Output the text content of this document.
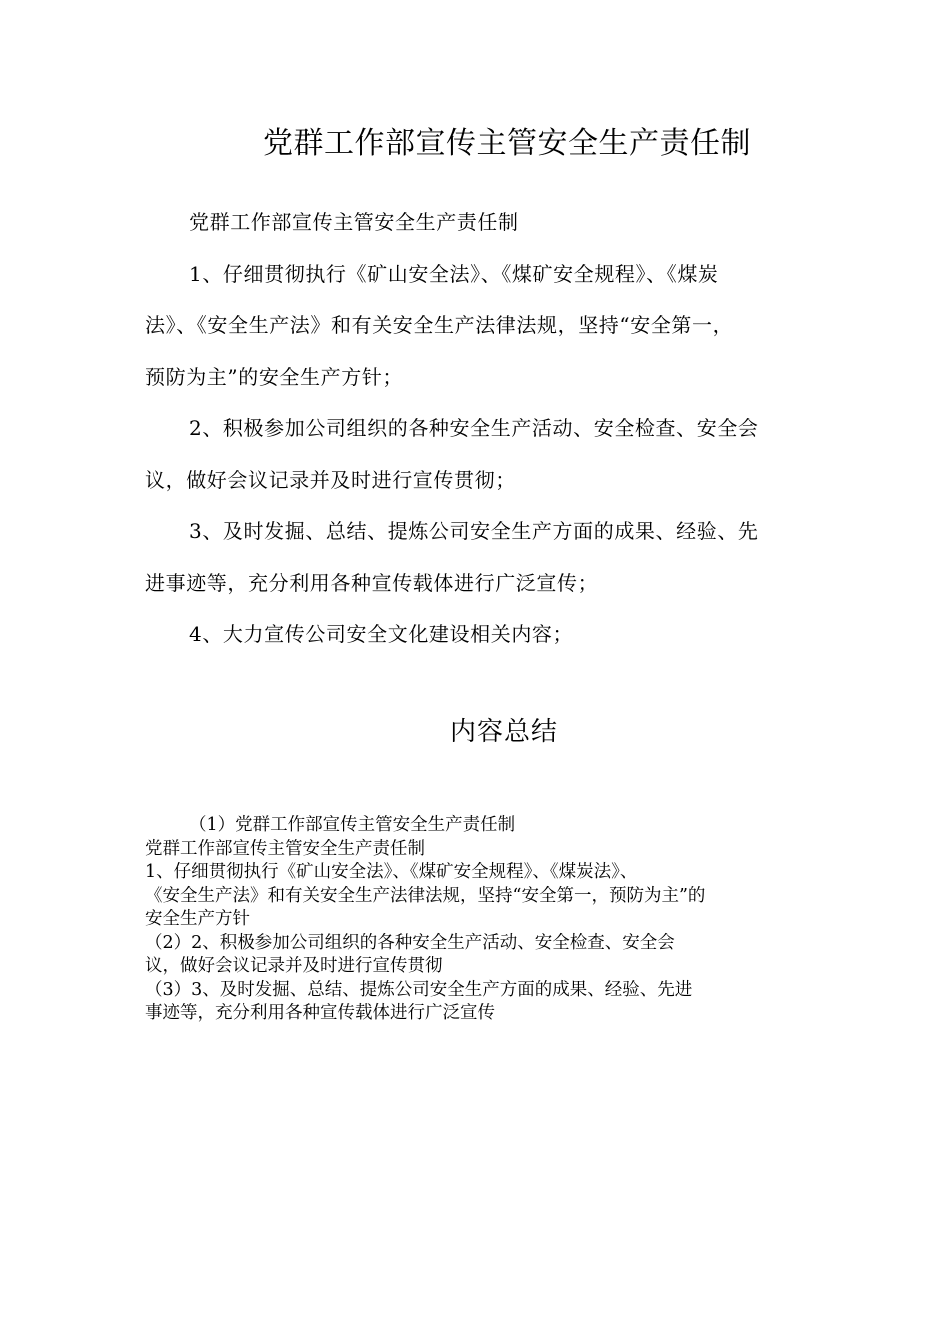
党群工作部宣传主管安全生产责任制

党群工作部宣传主管安全生产责任制

1、仔细贯彻执行《矿山安全法》、《煤矿安全规程》、《煤炭

法》、《安全生产法》和有关安全生产法律法规，坚持“安全第一，

预防为主”的安全生产方针；

2、积极参加公司组织的各种安全生产活动、安全检查、安全会

议，做好会议记录并及时进行宣传贯彻；

3、及时发掘、总结、提炼公司安全生产方面的成果、经验、先

进事迹等，充分利用各种宣传载体进行广泛宣传；

4、大力宣传公司安全文化建设相关内容；

内容总结
（1）党群工作部宣传主管安全生产责任制
党群工作部宣传主管安全生产责任制
1、仔细贯彻执行《矿山安全法》、《煤矿安全规程》、《煤炭法》、
《安全生产法》和有关安全生产法律法规，坚持“安全第一，预防为主”的
安全生产方针
（2）2、积极参加公司组织的各种安全生产活动、安全检查、安全会
议，做好会议记录并及时进行宣传贯彻
（3）3、及时发掘、总结、提炼公司安全生产方面的成果、经验、先进
事迹等，充分利用各种宣传载体进行广泛宣传
